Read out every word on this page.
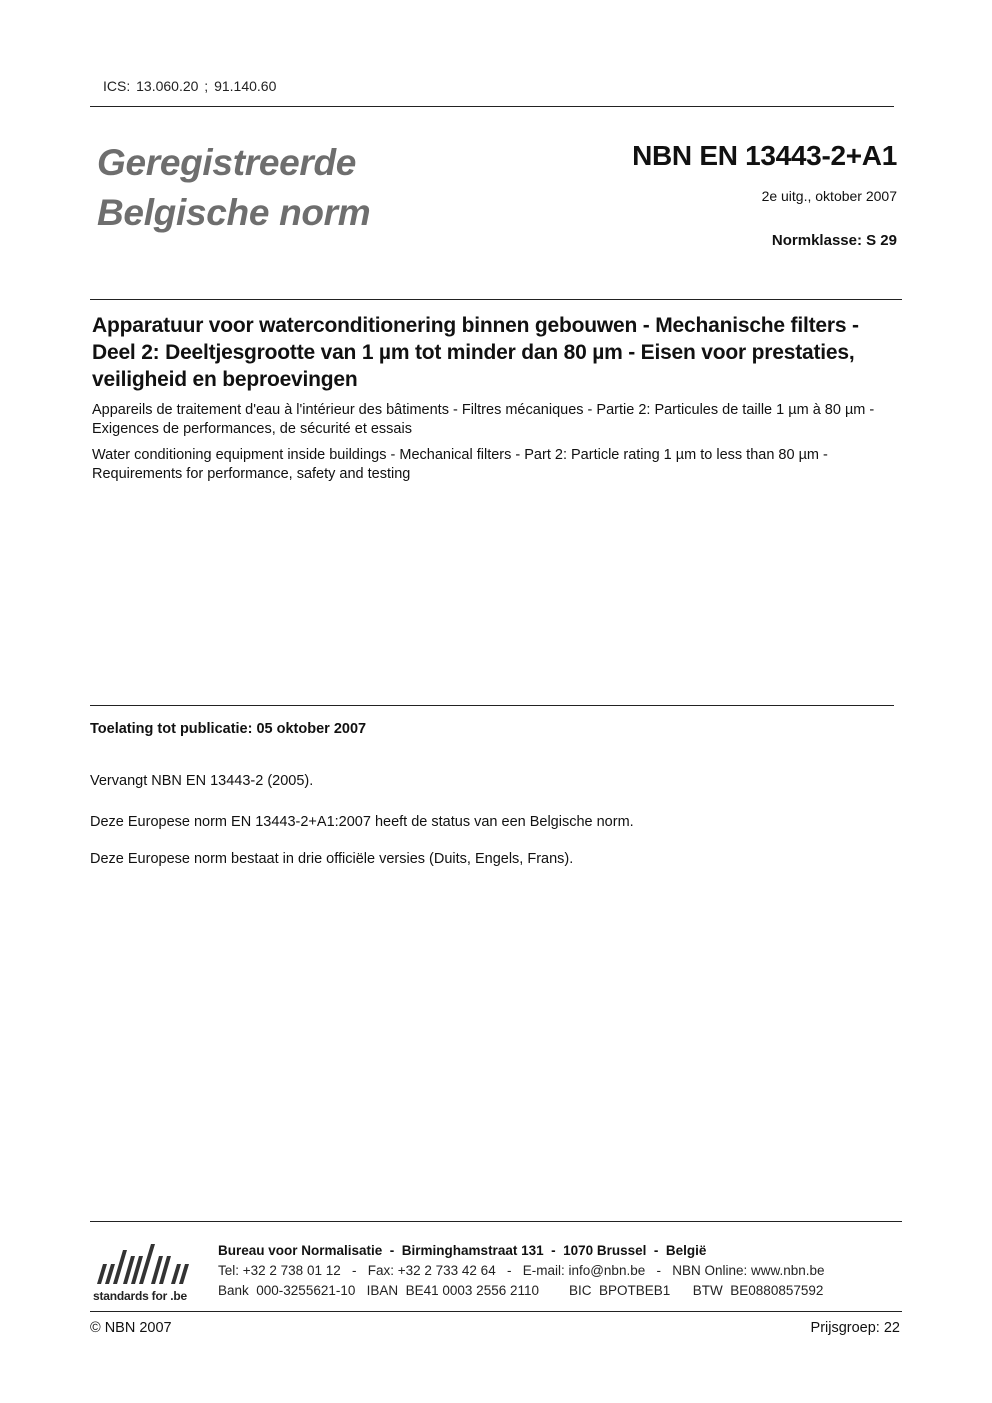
ICS: 13.060.20 ; 91.140.60
Geregistreerde
Belgische norm
NBN EN 13443-2+A1
2e uitg., oktober 2007
Normklasse: S 29
Apparatuur voor waterconditionering binnen gebouwen - Mechanische filters - Deel 2: Deeltjesgrootte van 1 µm tot minder dan 80 µm - Eisen voor prestaties, veiligheid en beproevingen
Appareils de traitement d'eau à l'intérieur des bâtiments - Filtres mécaniques - Partie 2: Particules de taille 1 µm à 80 µm - Exigences de performances, de sécurité et essais
Water conditioning equipment inside buildings - Mechanical filters - Part 2: Particle rating 1 µm to less than 80 µm - Requirements for performance, safety and testing
Toelating tot publicatie: 05 oktober 2007
Vervangt NBN EN 13443-2 (2005).
Deze Europese norm EN 13443-2+A1:2007 heeft de status van een Belgische norm.
Deze Europese norm bestaat in drie officiële versies (Duits, Engels, Frans).
standards for .be
Bureau voor Normalisatie  -  Birminghamstraat 131  -  1070 Brussel  -  België
Tel: +32 2 738 01 12   -   Fax: +32 2 733 42 64   -   E-mail: info@nbn.be   -   NBN Online: www.nbn.be
Bank  000-3255621-10   IBAN  BE41 0003 2556 2110        BIC  BPOTBEB1      BTW  BE0880857592
© NBN 2007	Prijsgroep: 22
